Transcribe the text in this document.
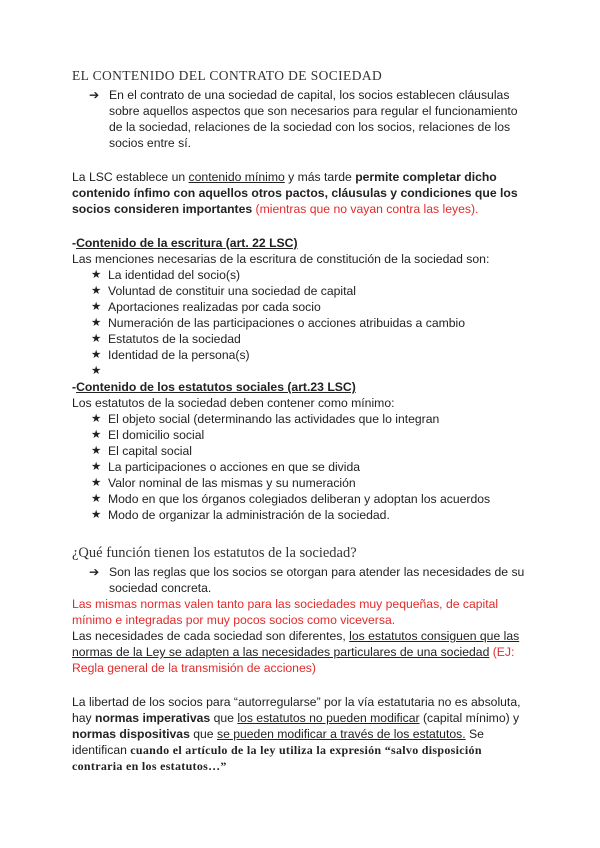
EL CONTENIDO DEL CONTRATO DE SOCIEDAD

➔ En el contrato de una sociedad de capital, los socios establecen cláusulas sobre aquellos aspectos que son necesarios para regular el funcionamiento de la sociedad, relaciones de la sociedad con los socios, relaciones de los socios entre sí.

La LSC establece un contenido mínimo y más tarde permite completar dicho contenido ínfimo con aquellos otros pactos, cláusulas y condiciones que los socios consideren importantes (mientras que no vayan contra las leyes).

-Contenido de la escritura (art. 22 LSC)

Las menciones necesarias de la escritura de constitución de la sociedad son:

★ La identidad del socio(s)
★ Voluntad de constituir una sociedad de capital
★ Aportaciones realizadas por cada socio
★ Numeración de las participaciones o acciones atribuidas a cambio
★ Estatutos de la sociedad
★ Identidad de la persona(s)
★

-Contenido de los estatutos sociales (art.23 LSC)

Los estatutos de la sociedad deben contener como mínimo:

★ El objeto social (determinando las actividades que lo integran
★ El domicilio social
★ El capital social
★ La participaciones o acciones en que se divida
★ Valor nominal de las mismas y su numeración
★ Modo en que los órganos colegiados deliberan y adoptan los acuerdos
★ Modo de organizar la administración de la sociedad.
¿Qué función tienen los estatutos de la sociedad?

➔ Son las reglas que los socios se otorgan para atender las necesidades de su sociedad concreta.

Las mismas normas valen tanto para las sociedades muy pequeñas, de capital mínimo e integradas por muy pocos socios como viceversa.

Las necesidades de cada sociedad son diferentes, los estatutos consiguen que las normas de la Ley se adapten a las necesidades particulares de una sociedad (EJ: Regla general de la transmisión de acciones)

La libertad de los socios para “autorregularse” por la vía estatutaria no es absoluta, hay normas imperativas que los estatutos no pueden modificar (capital mínimo) y normas dispositivas que se pueden modificar a través de los estatutos. Se identifican cuando el artículo de la ley utiliza la expresión “salvo disposición contraria en los estatutos…”
